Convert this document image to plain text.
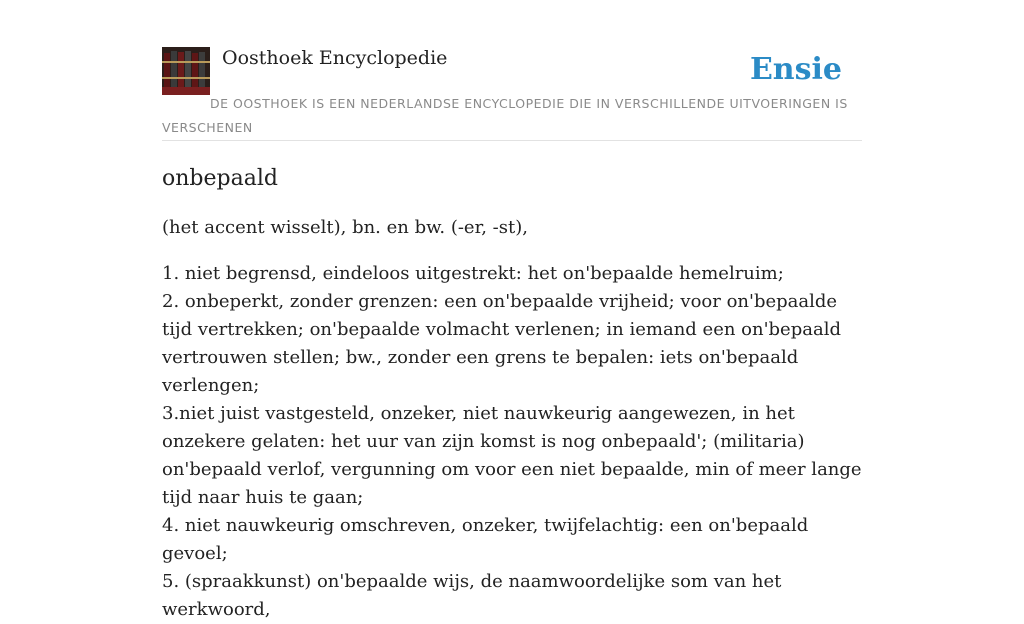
Oosthoek Encyclopedie	Ensie
DE OOSTHOEK IS EEN NEDERLANDSE ENCYCLOPEDIE DIE IN VERSCHILLENDE UITVOERINGEN IS VERSCHENEN
onbepaald
(het accent wisselt), bn. en bw. (-er, -st),
1. niet begrensd, eindeloos uitgestrekt: het on'bepaalde hemelruim;
2. onbeperkt, zonder grenzen: een on'bepaalde vrijheid; voor on'bepaalde tijd vertrekken; on'bepaalde volmacht verlenen; in iemand een on'bepaald vertrouwen stellen; bw., zonder een grens te bepalen: iets on'bepaald verlengen;
3.niet juist vastgesteld, onzeker, niet nauwkeurig aangewezen, in het onzekere gelaten: het uur van zijn komst is nog onbepaald'; (militaria) on'bepaald verlof, vergunning om voor een niet bepaalde, min of meer lange tijd naar huis te gaan;
4. niet nauwkeurig omschreven, onzeker, twijfelachtig: een on'bepaald gevoel;
5. (spraakkunst) on'bepaalde wijs, de naamwoordelijke som van het werkwoord,
